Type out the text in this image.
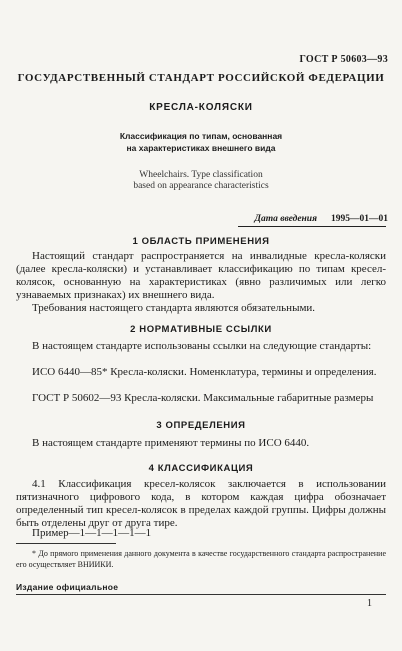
ГОСТ Р 50603—93
ГОСУДАРСТВЕННЫЙ СТАНДАРТ РОССИЙСКОЙ ФЕДЕРАЦИИ
КРЕСЛА-КОЛЯСКИ
Классификация по типам, основанная
на характеристиках внешнего вида
Wheelchairs. Type classification
based on appearance characteristics
Дата введения 1995—01—01
1 ОБЛАСТЬ ПРИМЕНЕНИЯ
Настоящий стандарт распространяется на инвалидные кресла-коляски (далее кресла-коляски) и устанавливает классификацию по типам кресел-колясок, основанную на характеристиках (явно различимых или легко узнаваемых признаках) их внешнего вида.
Требования настоящего стандарта являются обязательными.
2 НОРМАТИВНЫЕ ССЫЛКИ
В настоящем стандарте использованы ссылки на следующие стандарты:
ИСО 6440—85* Кресла-коляски. Номенклатура, термины и определения.
ГОСТ Р 50602—93 Кресла-коляски. Максимальные габаритные размеры
3 ОПРЕДЕЛЕНИЯ
В настоящем стандарте применяют термины по ИСО 6440.
4 КЛАССИФИКАЦИЯ
4.1 Классификация кресел-колясок заключается в использовании пятизначного цифрового кода, в котором каждая цифра обозначает определенный тип кресел-колясок в пределах каждой группы. Цифры должны быть отделены друг от друга тире.
Пример—1—1—1—1—1
* До прямого применения данного документа в качестве государственного стандарта распространение его осуществляет ВНИИКИ.
Издание официальное
1
